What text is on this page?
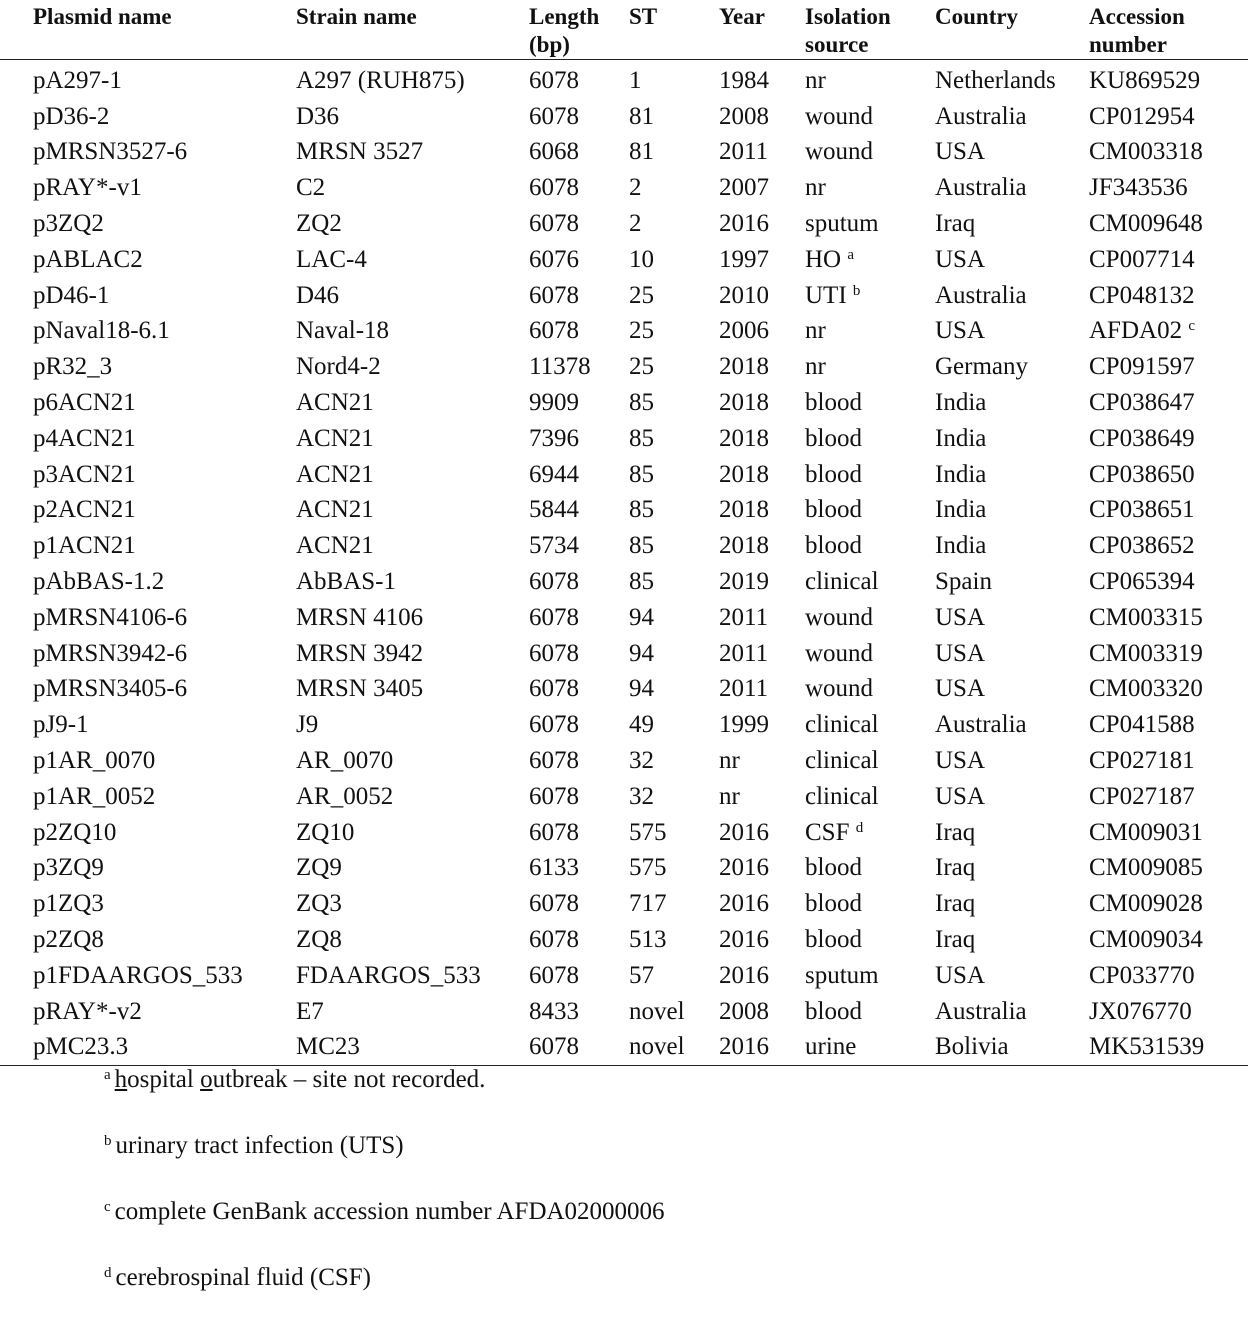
Plasmid name	Strain name	Length (bp)	ST	Year	Isolation source	Country	Accession number
pA297-1	A297 (RUH875)	6078	1	1984	nr	Netherlands	KU869529
pD36-2	D36	6078	81	2008	wound	Australia	CP012954
pMRSN3527-6	MRSN 3527	6068	81	2011	wound	USA	CM003318
pRAY*-v1	C2	6078	2	2007	nr	Australia	JF343536
p3ZQ2	ZQ2	6078	2	2016	sputum	Iraq	CM009648
pABLAC2	LAC-4	6076	10	1997	HO $^a$	USA	CP007714
pD46-1	D46	6078	25	2010	UTI $^b$	Australia	CP048132
pNaval18-6.1	Naval-18	6078	25	2006	nr	USA	AFDA02 $^c$
pR32_3	Nord4-2	11378	25	2018	nr	Germany	CP091597
p6ACN21	ACN21	9909	85	2018	blood	India	CP038647
p4ACN21	ACN21	7396	85	2018	blood	India	CP038649
p3ACN21	ACN21	6944	85	2018	blood	India	CP038650
p2ACN21	ACN21	5844	85	2018	blood	India	CP038651
p1ACN21	ACN21	5734	85	2018	blood	India	CP038652
pAbBAS-1.2	AbBAS-1	6078	85	2019	clinical	Spain	CP065394
pMRSN4106-6	MRSN 4106	6078	94	2011	wound	USA	CM003315
pMRSN3942-6	MRSN 3942	6078	94	2011	wound	USA	CM003319
pMRSN3405-6	MRSN 3405	6078	94	2011	wound	USA	CM003320
pJ9-1	J9	6078	49	1999	clinical	Australia	CP041588
p1AR_0070	AR_0070	6078	32	nr	clinical	USA	CP027181
p1AR_0052	AR_0052	6078	32	nr	clinical	USA	CP027187
p2ZQ10	ZQ10	6078	575	2016	CSF $^d$	Iraq	CM009031
p3ZQ9	ZQ9	6133	575	2016	blood	Iraq	CM009085
p1ZQ3	ZQ3	6078	717	2016	blood	Iraq	CM009028
p2ZQ8	ZQ8	6078	513	2016	blood	Iraq	CM009034
p1FDAARGOS_533	FDAARGOS_533	6078	57	2016	sputum	USA	CP033770
pRAY*-v2	E7	8433	novel	2008	blood	Australia	JX076770
pMC23.3	MC23	6078	novel	2016	urine	Bolivia	MK531539
$^a$ hospital outbreak – site not recorded.
$^b$ urinary tract infection (UTS)
$^c$ complete GenBank accession number AFDA02000006
$^d$ cerebrospinal fluid (CSF)
